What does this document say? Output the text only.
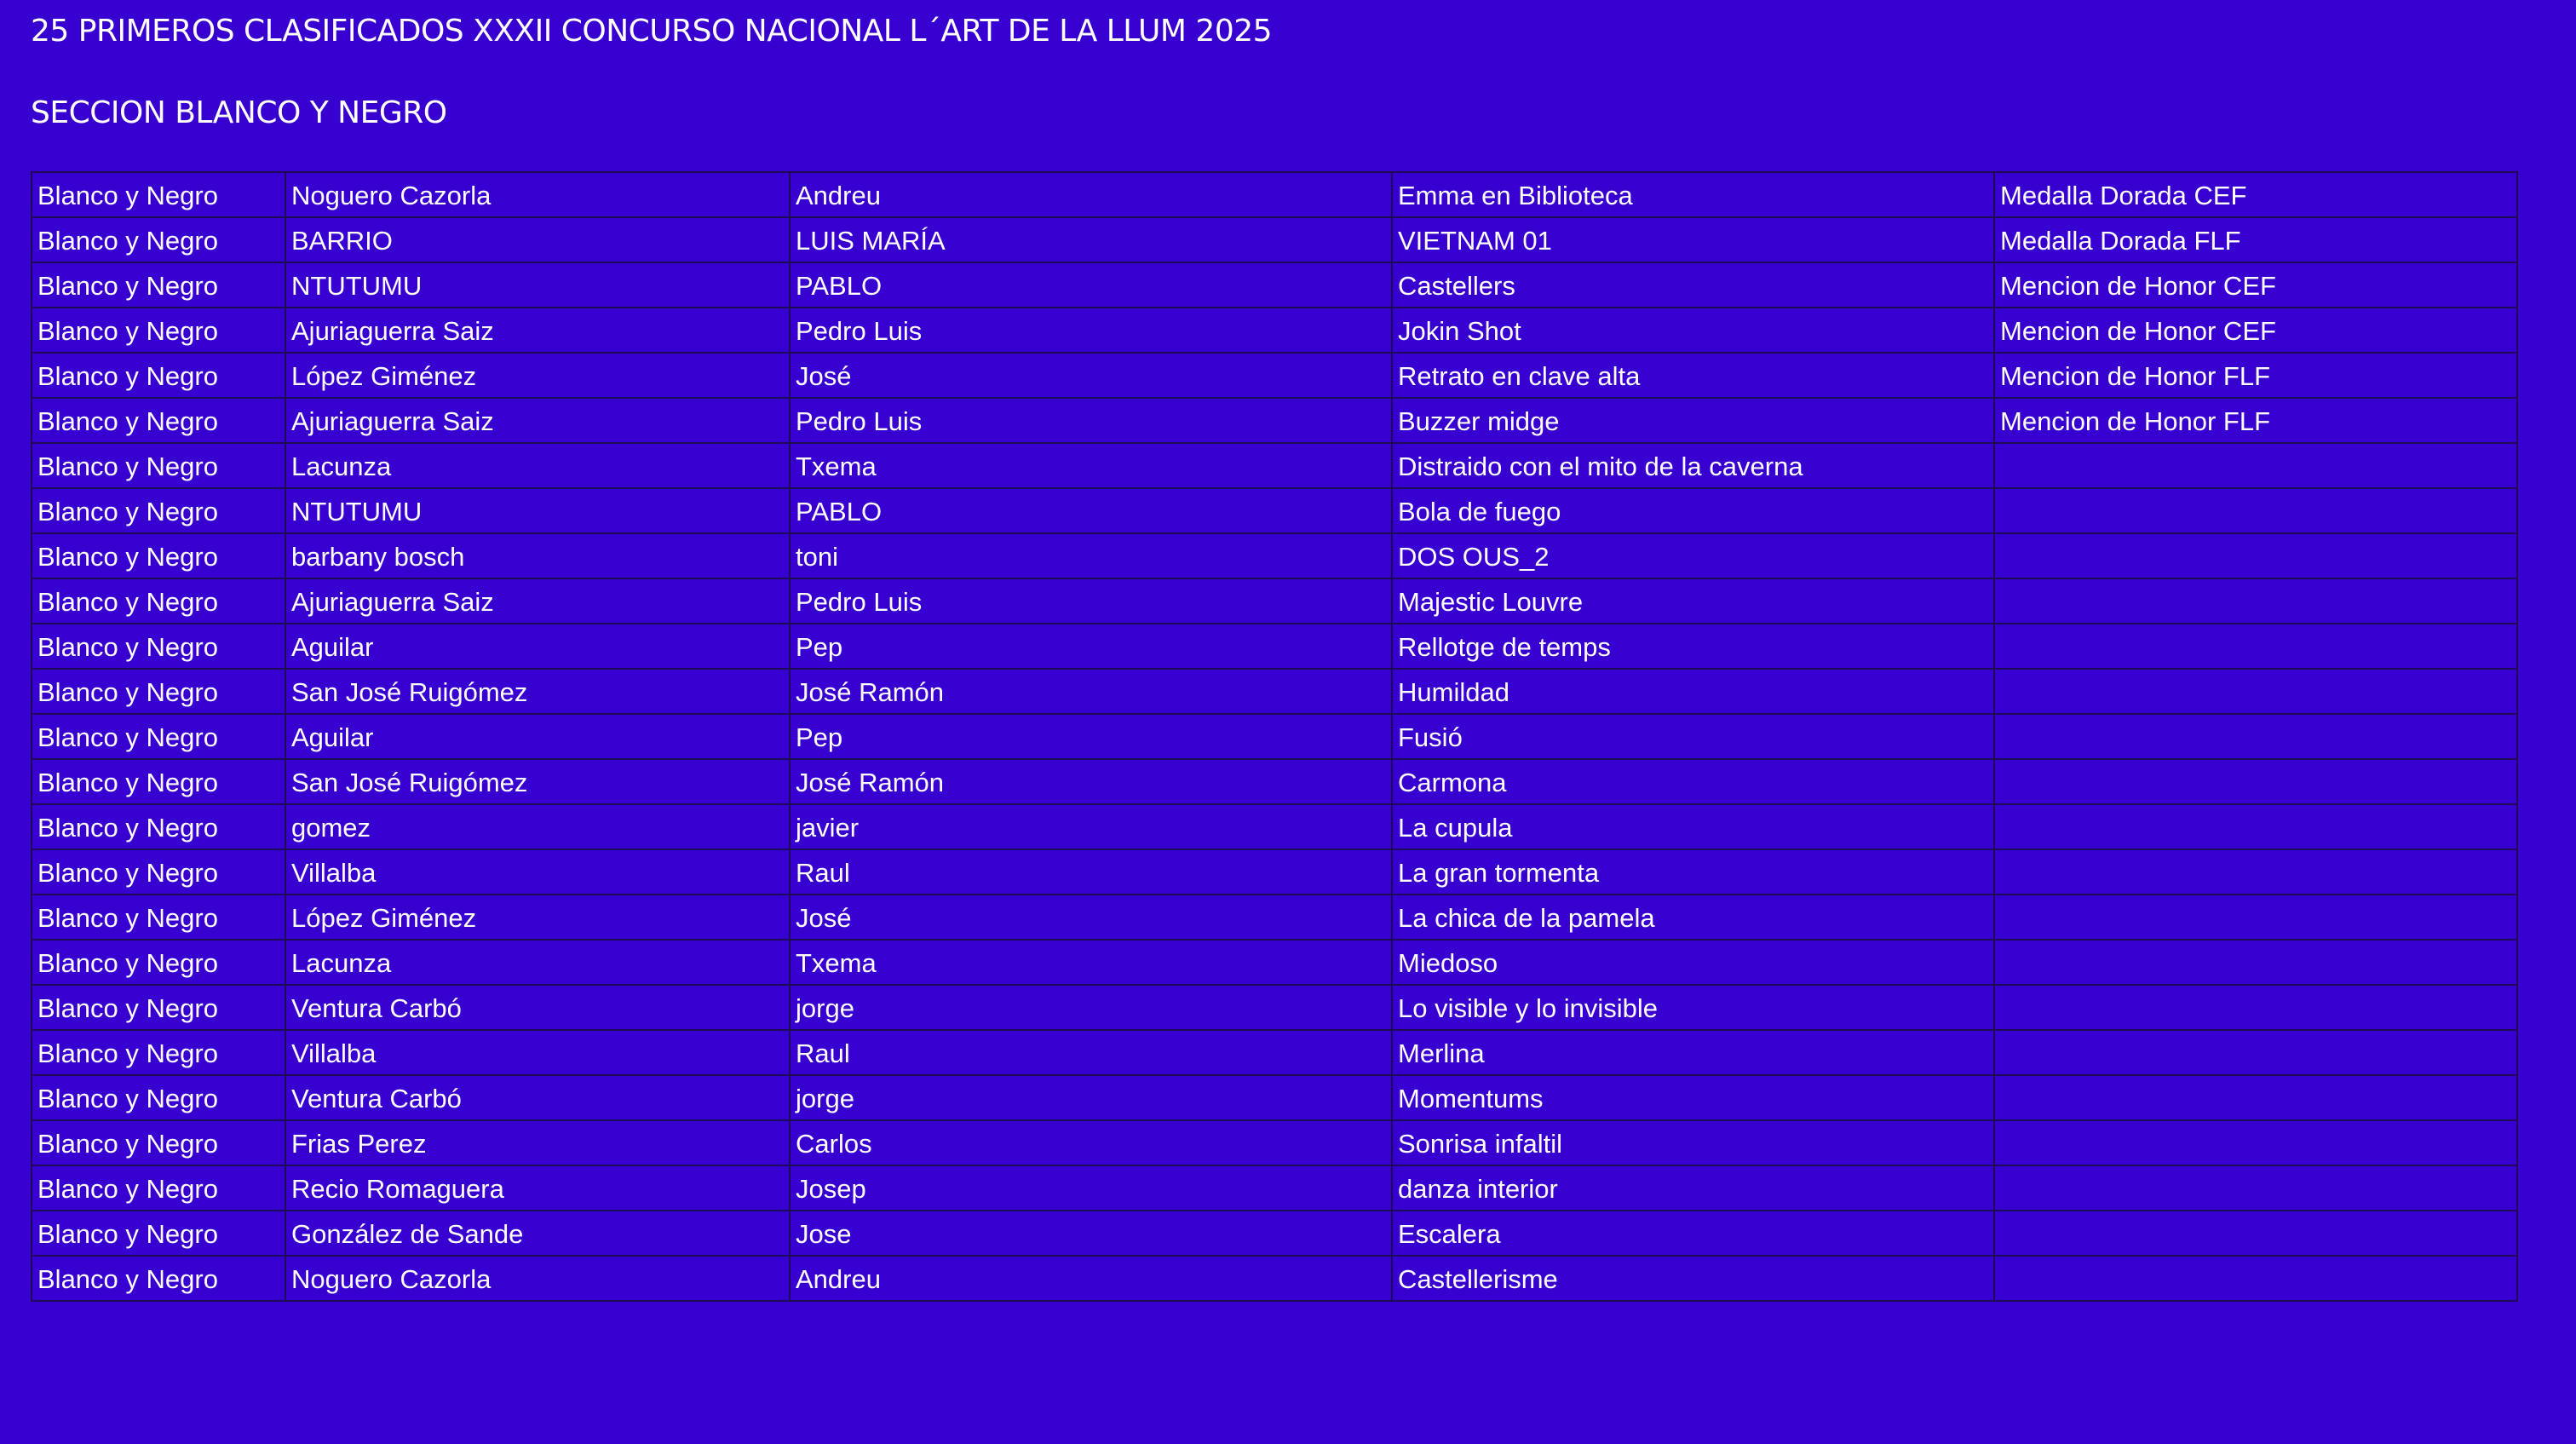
25 PRIMEROS CLASIFICADOS XXXII CONCURSO NACIONAL L´ART DE LA LLUM 2025
SECCION BLANCO Y NEGRO
Blanco y Negro	Noguero Cazorla	Andreu	Emma en Biblioteca	Medalla Dorada CEF
Blanco y Negro	BARRIO	LUIS MARÍA	VIETNAM 01	Medalla Dorada FLF
Blanco y Negro	NTUTUMU	PABLO	Castellers	Mencion de Honor CEF
Blanco y Negro	Ajuriaguerra Saiz	Pedro Luis	Jokin Shot	Mencion de Honor CEF
Blanco y Negro	López Giménez	José	Retrato en clave alta	Mencion de Honor FLF
Blanco y Negro	Ajuriaguerra Saiz	Pedro Luis	Buzzer midge	Mencion de Honor FLF
Blanco y Negro	Lacunza	Txema	Distraido con el mito de la caverna	
Blanco y Negro	NTUTUMU	PABLO	Bola de fuego	
Blanco y Negro	barbany bosch	toni	DOS OUS_2	
Blanco y Negro	Ajuriaguerra Saiz	Pedro Luis	Majestic Louvre	
Blanco y Negro	Aguilar	Pep	Rellotge de temps	
Blanco y Negro	San José Ruigómez	José Ramón	Humildad	
Blanco y Negro	Aguilar	Pep	Fusió	
Blanco y Negro	San José Ruigómez	José Ramón	Carmona	
Blanco y Negro	gomez	javier	La cupula	
Blanco y Negro	Villalba	Raul	La gran tormenta	
Blanco y Negro	López Giménez	José	La chica de la pamela	
Blanco y Negro	Lacunza	Txema	Miedoso	
Blanco y Negro	Ventura Carbó	jorge	Lo visible y lo invisible	
Blanco y Negro	Villalba	Raul	Merlina	
Blanco y Negro	Ventura Carbó	jorge	Momentums	
Blanco y Negro	Frias Perez	Carlos	Sonrisa infaltil	
Blanco y Negro	Recio Romaguera	Josep	danza interior	
Blanco y Negro	González de Sande	Jose	Escalera	
Blanco y Negro	Noguero Cazorla	Andreu	Castellerisme	
